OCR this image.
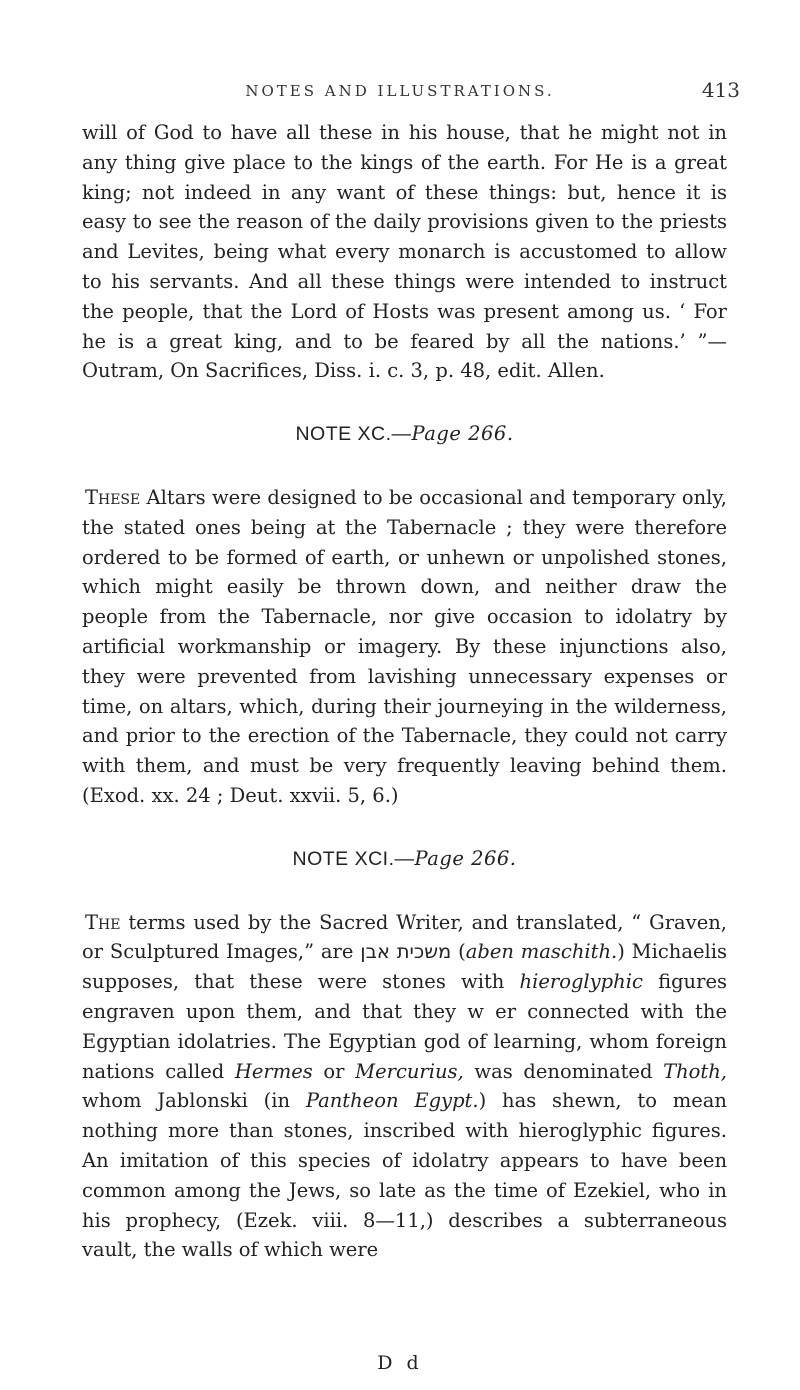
NOTES AND ILLUSTRATIONS.	413

will of God to have all these in his house, that he might not in any thing give place to the kings of the earth. For He is a great king; not indeed in any want of these things: but, hence it is easy to see the reason of the daily provisions given to the priests and Levites, being what every monarch is accustomed to allow to his servants. And all these things were intended to instruct the people, that the Lord of Hosts was present among us. ‘ For he is a great king, and to be feared by all the nations.’ ”—Outram, On Sacrifices, Diss. i. c. 3, p. 48, edit. Allen.

NOTE XC.—Page 266.

These Altars were designed to be occasional and temporary only, the stated ones being at the Tabernacle ; they were therefore ordered to be formed of earth, or unhewn or unpolished stones, which might easily be thrown down, and neither draw the people from the Tabernacle, nor give occasion to idolatry by artificial workmanship or imagery. By these injunctions also, they were prevented from lavishing unnecessary expenses or time, on altars, which, during their journeying in the wilderness, and prior to the erection of the Tabernacle, they could not carry with them, and must be very frequently leaving behind them. (Exod. xx. 24 ; Deut. xxvii. 5, 6.)

NOTE XCI.—Page 266.

The terms used by the Sacred Writer, and translated, “ Graven, or Sculptured Images,” are משכית אבן (aben maschith.) Michaelis supposes, that these were stones with hieroglyphic figures engraven upon them, and that they w er connected with the Egyptian idolatries. The Egyptian god of learning, whom foreign nations called Hermes or Mercurius, was denominated Thoth, whom Jablonski (in Pantheon Egypt.) has shewn, to mean nothing more than stones, inscribed with hieroglyphic figures. An imitation of this species of idolatry appears to have been common among the Jews, so late as the time of Ezekiel, who in his prophecy, (Ezek. viii. 8—11,) describes a subterraneous vault, the walls of which were

D d
